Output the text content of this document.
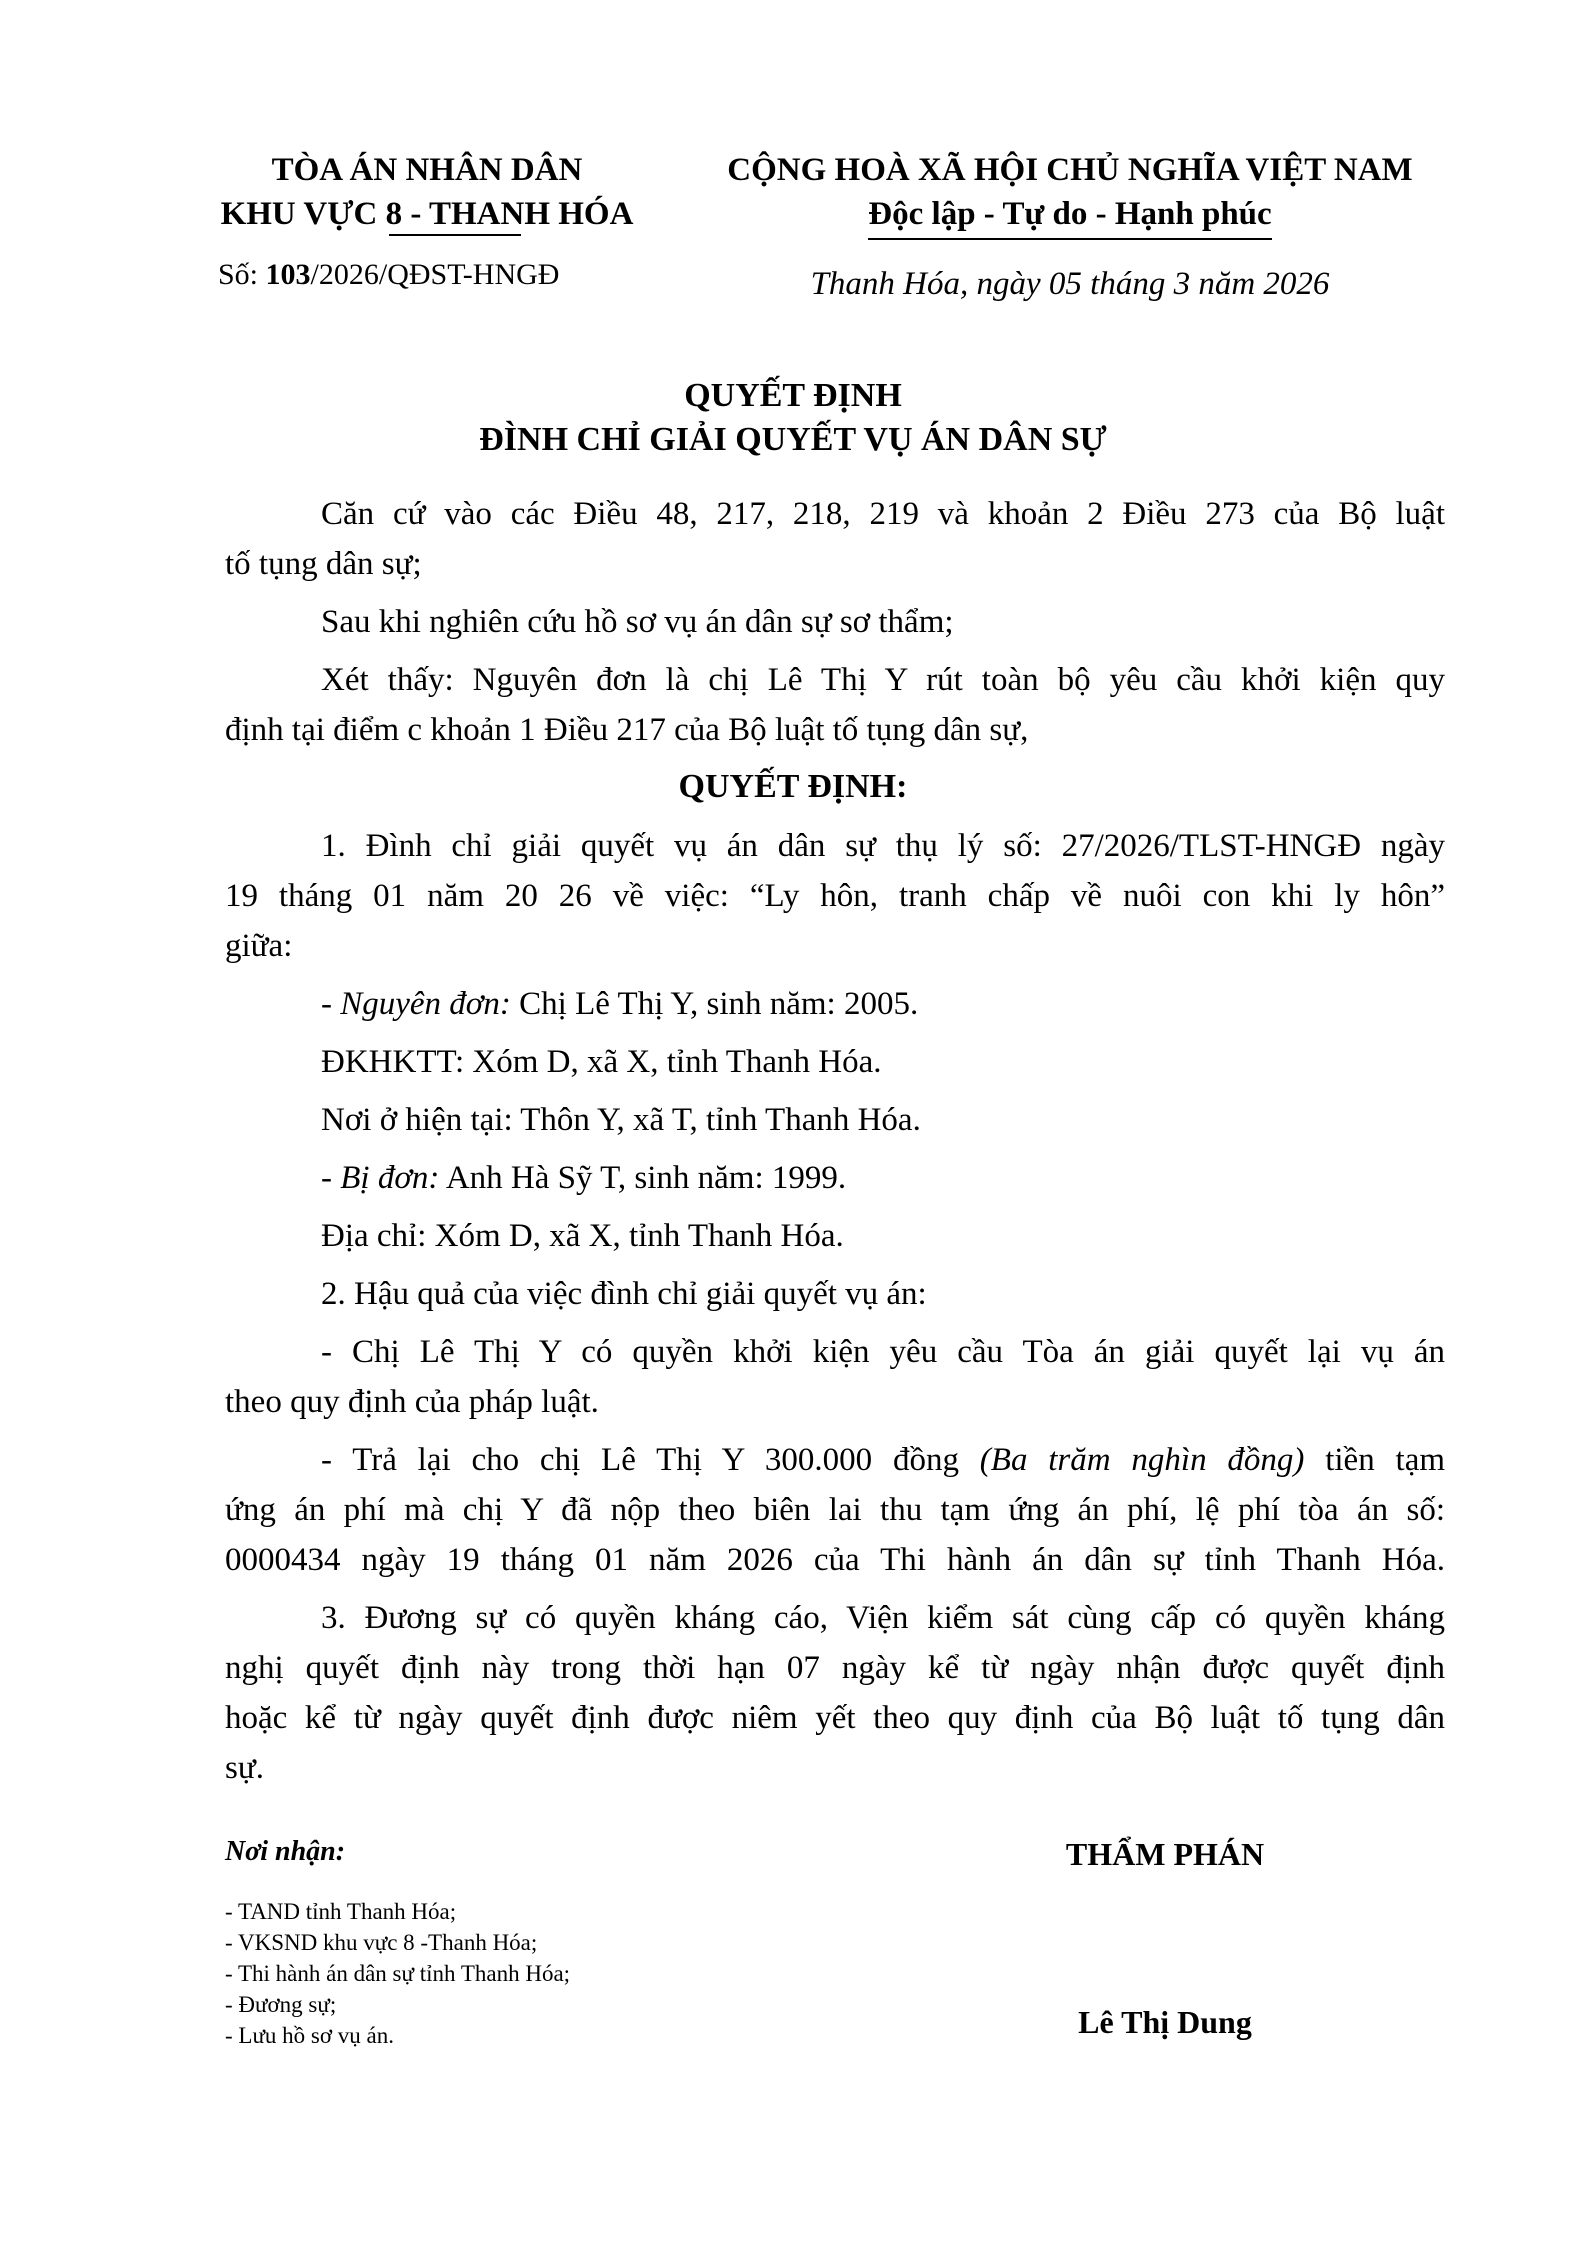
TÒA ÁN NHÂN DÂN
KHU VỰC 8 - THANH HÓA
Số: 103/2026/QĐST-HNGĐ
CỘNG HOÀ XÃ HỘI CHỦ NGHĨA VIỆT NAM
Độc lập - Tự do - Hạnh phúc
Thanh Hóa, ngày 05 tháng 3 năm 2026
QUYẾT ĐỊNH
ĐÌNH CHỈ GIẢI QUYẾT VỤ ÁN DÂN SỰ
Căn cứ vào các Điều 48, 217, 218, 219 và khoản 2 Điều 273 của Bộ luật
tố tụng dân sự;
Sau khi nghiên cứu hồ sơ vụ án dân sự sơ thẩm;
Xét thấy: Nguyên đơn là chị Lê Thị Y rút toàn bộ yêu cầu khởi kiện quy
định tại điểm c khoản 1 Điều 217 của Bộ luật tố tụng dân sự,
QUYẾT ĐỊNH:
1. Đình chỉ giải quyết vụ án dân sự thụ lý số: 27/2026/TLST-HNGĐ ngày
19 tháng 01 năm 20 26 về việc: “Ly hôn, tranh chấp về nuôi con khi ly hôn”
giữa:
- Nguyên đơn: Chị Lê Thị Y, sinh năm: 2005.
ĐKHKTT: Xóm D, xã X, tỉnh Thanh Hóa.
Nơi ở hiện tại: Thôn Y, xã T, tỉnh Thanh Hóa.
- Bị đơn: Anh Hà Sỹ T, sinh năm: 1999.
Địa chỉ: Xóm D, xã X, tỉnh Thanh Hóa.
2. Hậu quả của việc đình chỉ giải quyết vụ án:
- Chị Lê Thị Y có quyền khởi kiện yêu cầu Tòa án giải quyết lại vụ án
theo quy định của pháp luật.
- Trả lại cho chị Lê Thị Y 300.000 đồng (Ba trăm nghìn đồng) tiền tạm
ứng án phí mà chị Y đã nộp theo biên lai thu tạm ứng án phí, lệ phí tòa án số:
0000434 ngày 19 tháng 01 năm 2026 của Thi hành án dân sự tỉnh Thanh Hóa.
3. Đương sự có quyền kháng cáo, Viện kiểm sát cùng cấp có quyền kháng
nghị quyết định này trong thời hạn 07 ngày kể từ ngày nhận được quyết định
hoặc kể từ ngày quyết định được niêm yết theo quy định của Bộ luật tố tụng dân
sự.
Nơi nhận:
- TAND tỉnh Thanh Hóa;
- VKSND khu vực 8 -Thanh Hóa;
- Thi hành án dân sự tỉnh Thanh Hóa;
- Đương sự;
- Lưu hồ sơ vụ án.
THẨM PHÁN
Lê Thị Dung
